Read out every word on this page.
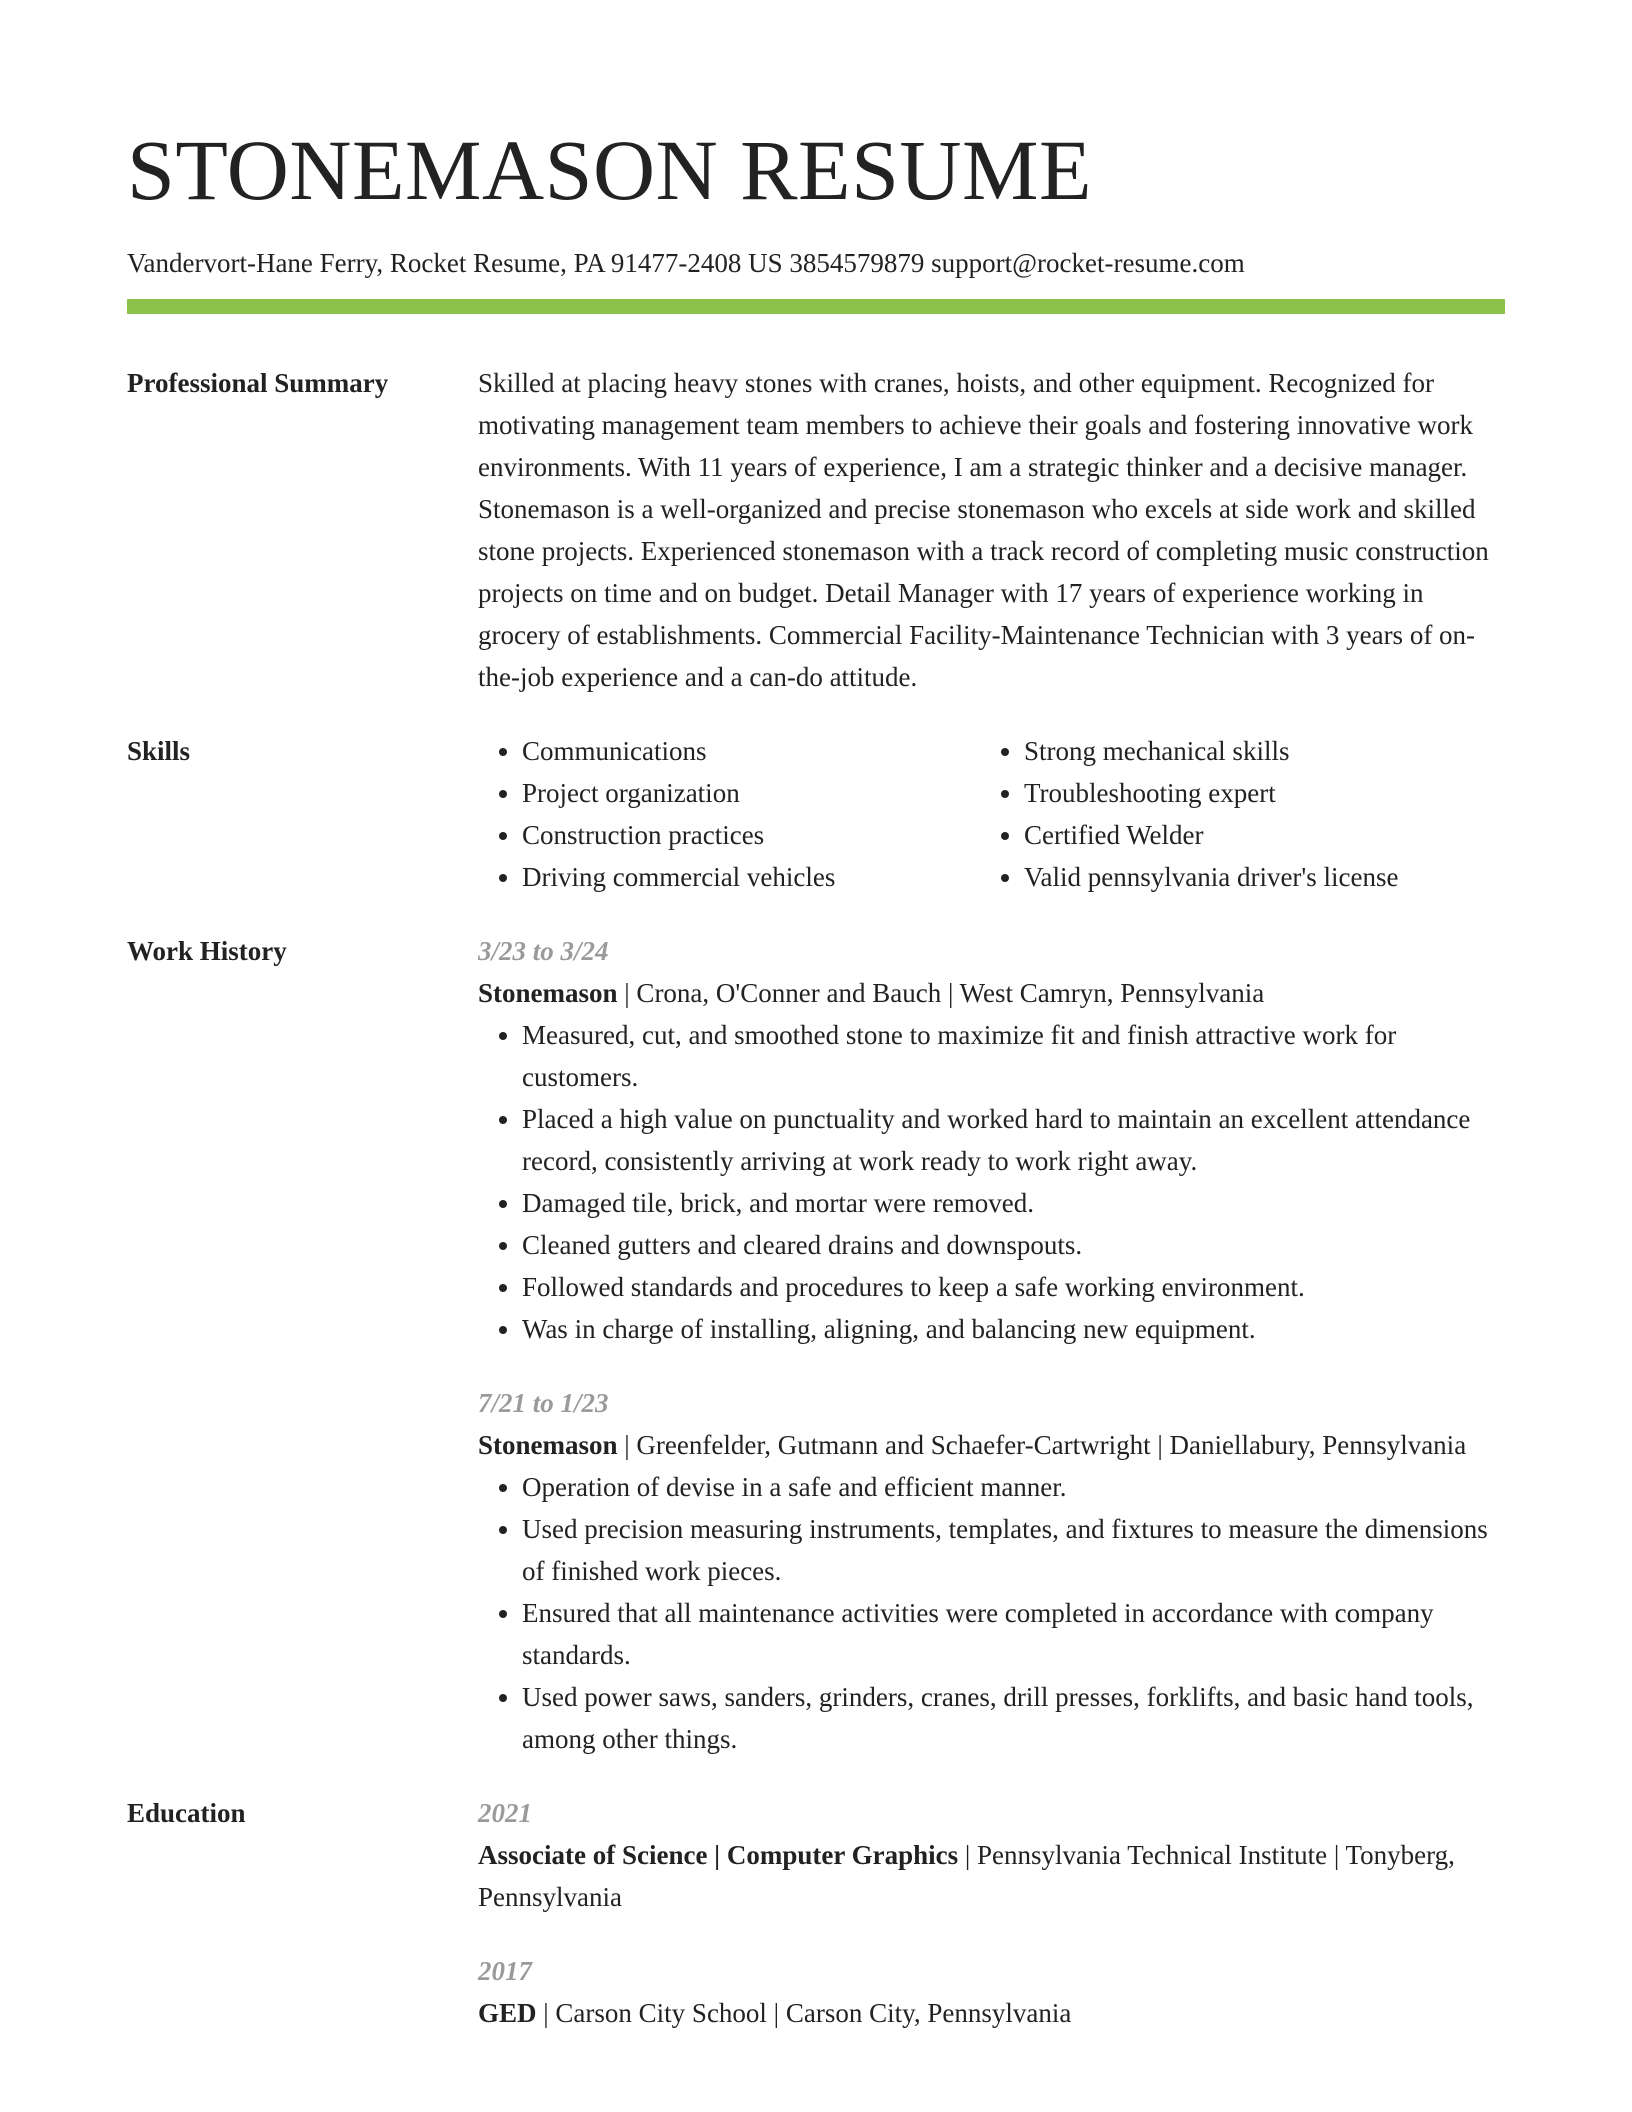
STONEMASON RESUME
Vandervort-Hane Ferry, Rocket Resume, PA 91477-2408 US 3854579879 support@rocket-resume.com
Professional Summary	Skilled at placing heavy stones with cranes, hoists, and other equipment. Recognized for motivating management team members to achieve their goals and fostering innovative work environments. With 11 years of experience, I am a strategic thinker and a decisive manager. Stonemason is a well-organized and precise stonemason who excels at side work and skilled stone projects. Experienced stonemason with a track record of completing music construction projects on time and on budget. Detail Manager with 17 years of experience working in grocery of establishments. Commercial Facility-Maintenance Technician with 3 years of on-the-job experience and a can-do attitude.

Skills
•	Communications
• Project organization
• Construction practices
• Driving commercial vehicles
• Strong mechanical skills
• Troubleshooting expert
• Certified Welder
• Valid pennsylvania driver's license
Work History	3/23 to 3/24
Stonemason | Crona, O'Conner and Bauch | West Camryn, Pennsylvania
• Measured, cut, and smoothed stone to maximize fit and finish attractive work for customers.
• Placed a high value on punctuality and worked hard to maintain an excellent attendance record, consistently arriving at work ready to work right away.
• Damaged tile, brick, and mortar were removed.
• Cleaned gutters and cleared drains and downspouts.
• Followed standards and procedures to keep a safe working environment.
• Was in charge of installing, aligning, and balancing new equipment.
7/21 to 1/23
Stonemason | Greenfelder, Gutmann and Schaefer-Cartwright | Daniellabury, Pennsylvania
• Operation of devise in a safe and efficient manner.
• Used precision measuring instruments, templates, and fixtures to measure the dimensions of finished work pieces.
• Ensured that all maintenance activities were completed in accordance with company standards.
• Used power saws, sanders, grinders, cranes, drill presses, forklifts, and basic hand tools, among other things.
Education	2021
Associate of Science | Computer Graphics | Pennsylvania Technical Institute | Tonyberg, Pennsylvania
2017
GED | Carson City School | Carson City, Pennsylvania
